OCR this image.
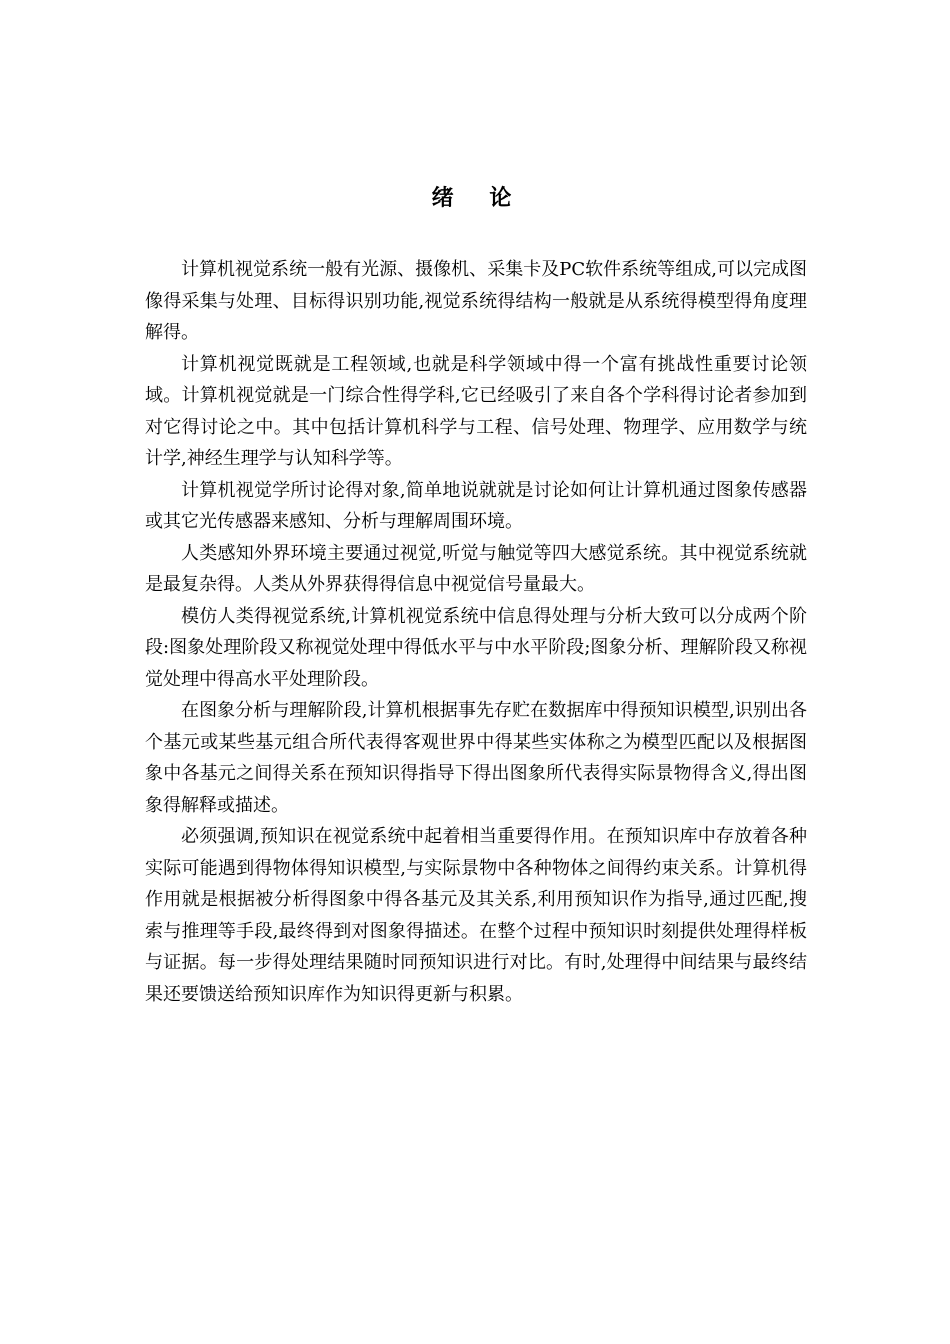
绪 论

计算机视觉系统一般有光源、摄像机、采集卡及PC软件系统等组成,可以完成图像得采集与处理、目标得识别功能,视觉系统得结构一般就是从系统得模型得角度理解得。

计算机视觉既就是工程领域,也就是科学领域中得一个富有挑战性重要讨论领域。计算机视觉就是一门综合性得学科,它已经吸引了来自各个学科得讨论者参加到对它得讨论之中。其中包括计算机科学与工程、信号处理、物理学、应用数学与统计学,神经生理学与认知科学等。

计算机视觉学所讨论得对象,简单地说就就是讨论如何让计算机通过图象传感器或其它光传感器来感知、分析与理解周围环境。

人类感知外界环境主要通过视觉,听觉与触觉等四大感觉系统。其中视觉系统就是最复杂得。人类从外界获得得信息中视觉信号量最大。

模仿人类得视觉系统,计算机视觉系统中信息得处理与分析大致可以分成两个阶段:图象处理阶段又称视觉处理中得低水平与中水平阶段;图象分析、理解阶段又称视觉处理中得高水平处理阶段。

在图象分析与理解阶段,计算机根据事先存贮在数据库中得预知识模型,识别出各个基元或某些基元组合所代表得客观世界中得某些实体称之为模型匹配以及根据图象中各基元之间得关系在预知识得指导下得出图象所代表得实际景物得含义,得出图象得解释或描述。

必须强调,预知识在视觉系统中起着相当重要得作用。在预知识库中存放着各种实际可能遇到得物体得知识模型,与实际景物中各种物体之间得约束关系。计算机得作用就是根据被分析得图象中得各基元及其关系,利用预知识作为指导,通过匹配,搜索与推理等手段,最终得到对图象得描述。在整个过程中预知识时刻提供处理得样板与证据。每一步得处理结果随时同预知识进行对比。有时,处理得中间结果与最终结果还要馈送给预知识库作为知识得更新与积累。
